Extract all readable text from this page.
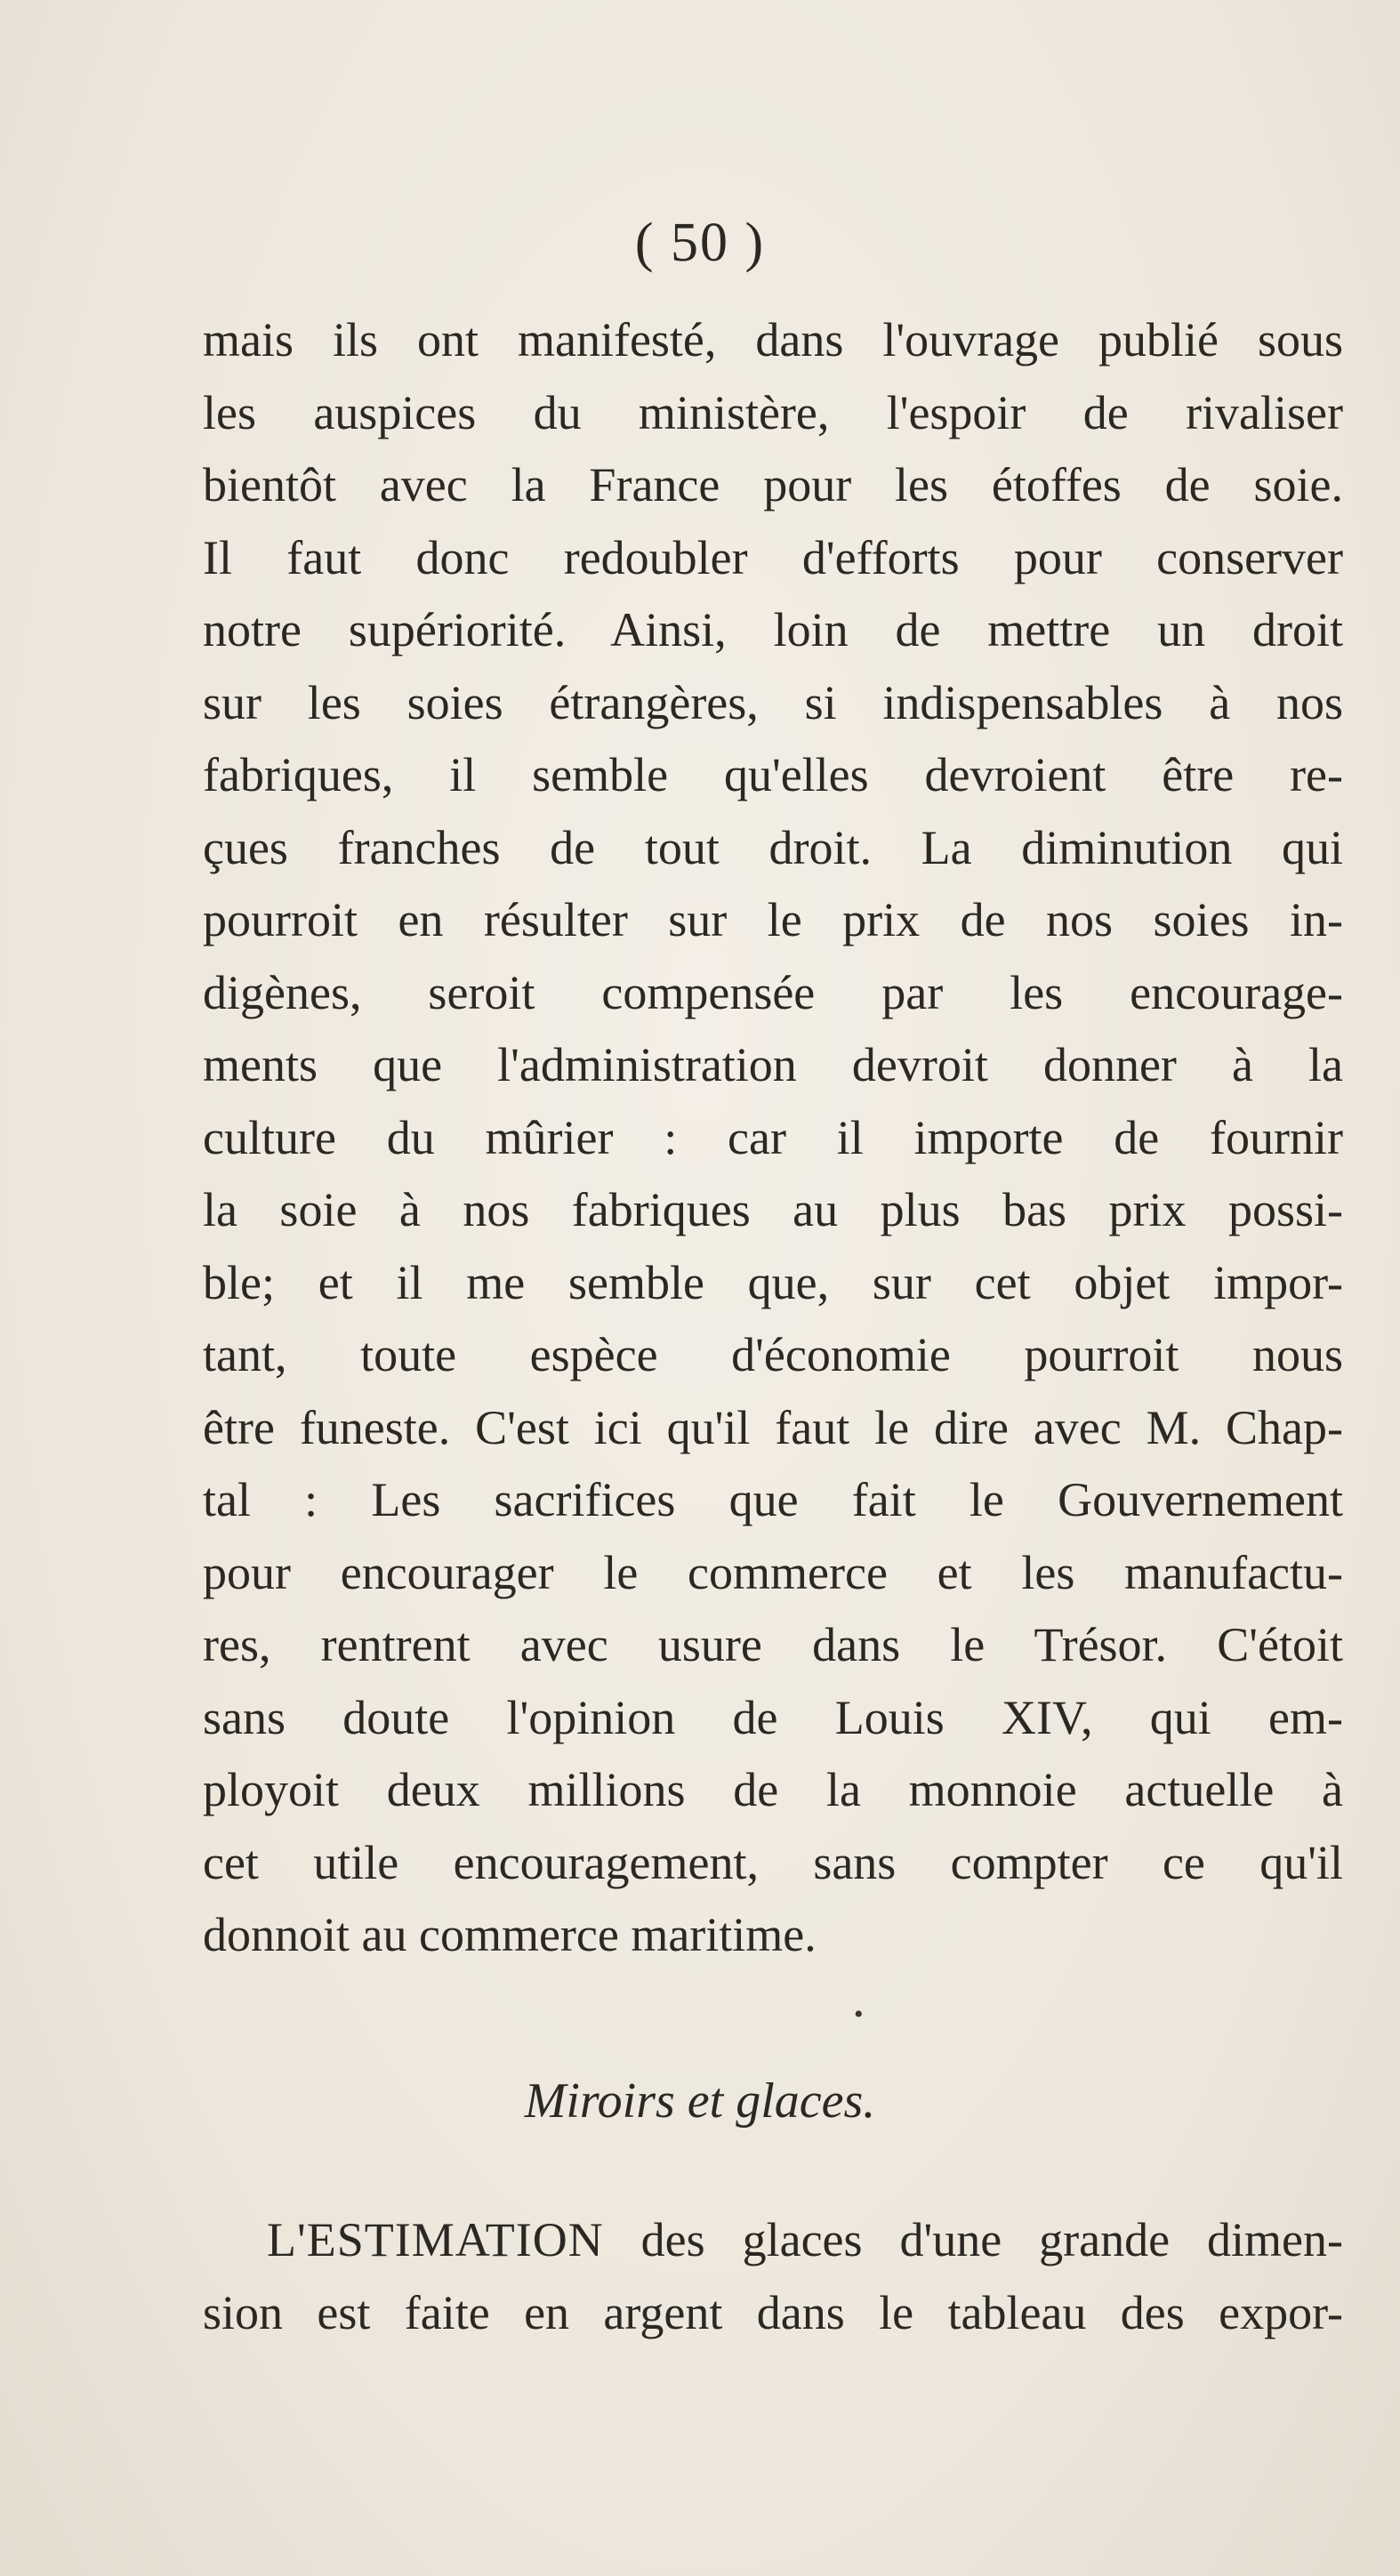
( 50 )
mais ils ont manifesté, dans l'ouvrage publié sous
les auspices du ministère, l'espoir de rivaliser
bientôt avec la France pour les étoffes de soie.
Il faut donc redoubler d'efforts pour conserver
notre supériorité. Ainsi, loin de mettre un droit
sur les soies étrangères, si indispensables à nos
fabriques, il semble qu'elles devroient être re-
çues franches de tout droit. La diminution qui
pourroit en résulter sur le prix de nos soies in-
digènes, seroit compensée par les encourage-
ments que l'administration devroit donner à la
culture du mûrier : car il importe de fournir
la soie à nos fabriques au plus bas prix possi-
ble; et il me semble que, sur cet objet impor-
tant, toute espèce d'économie pourroit nous
être funeste. C'est ici qu'il faut le dire avec M. Chap-
tal : Les sacrifices que fait le Gouvernement
pour encourager le commerce et les manufactu-
res, rentrent avec usure dans le Trésor. C'étoit
sans doute l'opinion de Louis XIV, qui em-
ployoit deux millions de la monnoie actuelle à
cet utile encouragement, sans compter ce qu'il
donnoit au commerce maritime.
•
Miroirs et glaces.
L'ESTIMATION des glaces d'une grande dimen-
sion est faite en argent dans le tableau des expor-
